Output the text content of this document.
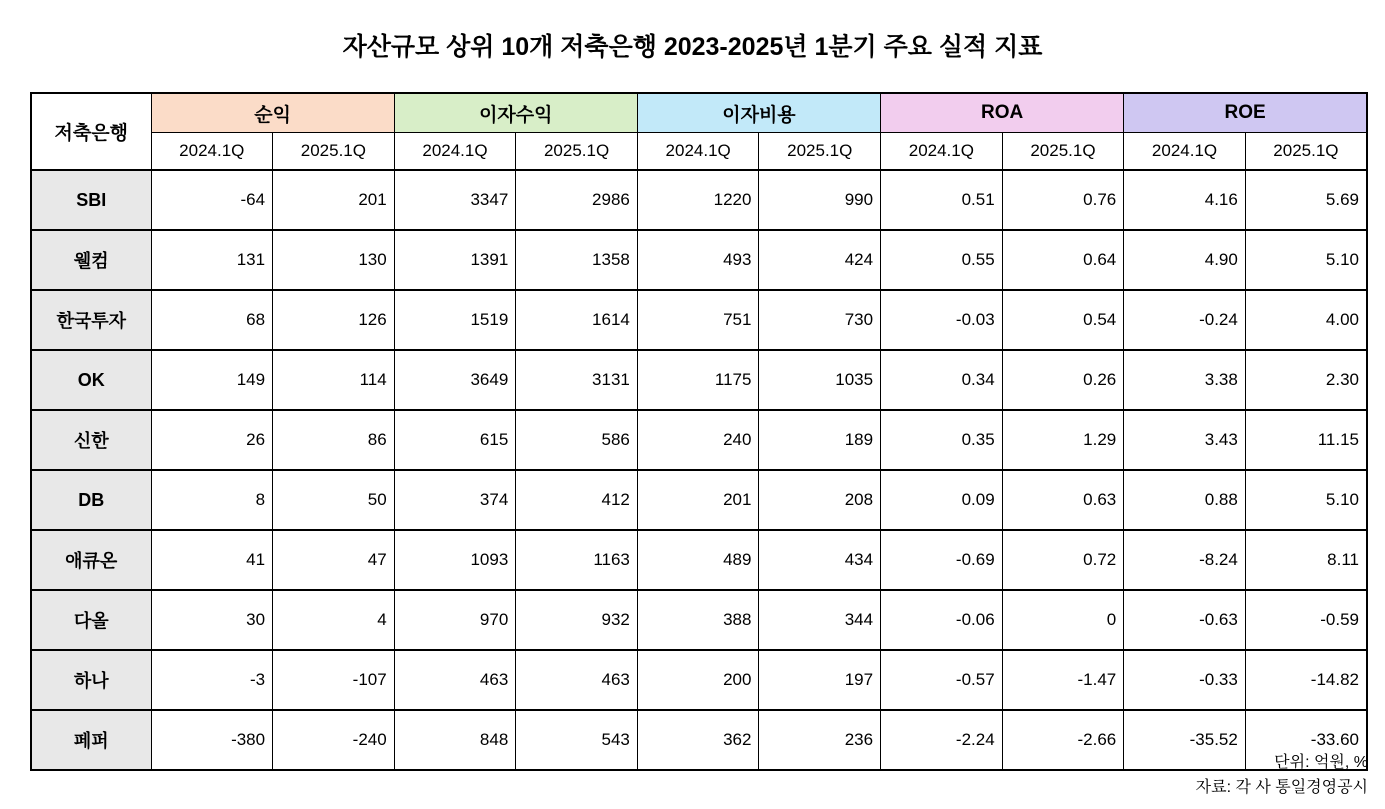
자산규모 상위 10개 저축은행 2023-2025년 1분기 주요 실적 지표
저축은행	순익		이자수익		이자비용		ROA		ROE	
	2024.1Q	2025.1Q	2024.1Q	2025.1Q	2024.1Q	2025.1Q	2024.1Q	2025.1Q	2024.1Q	2025.1Q
SBI	-64	201	3347	2986	1220	990	0.51	0.76	4.16	5.69
웰컴	131	130	1391	1358	493	424	0.55	0.64	4.90	5.10
한국투자	68	126	1519	1614	751	730	-0.03	0.54	-0.24	4.00
OK	149	114	3649	3131	1175	1035	0.34	0.26	3.38	2.30
신한	26	86	615	586	240	189	0.35	1.29	3.43	11.15
DB	8	50	374	412	201	208	0.09	0.63	0.88	5.10
애큐온	41	47	1093	1163	489	434	-0.69	0.72	-8.24	8.11
다올	30	4	970	932	388	344	-0.06	0	-0.63	-0.59
하나	-3	-107	463	463	200	197	-0.57	-1.47	-0.33	-14.82
페퍼	-380	-240	848	543	362	236	-2.24	-2.66	-35.52	-33.60
단위: 억원, %
자료: 각 사 통일경영공시
